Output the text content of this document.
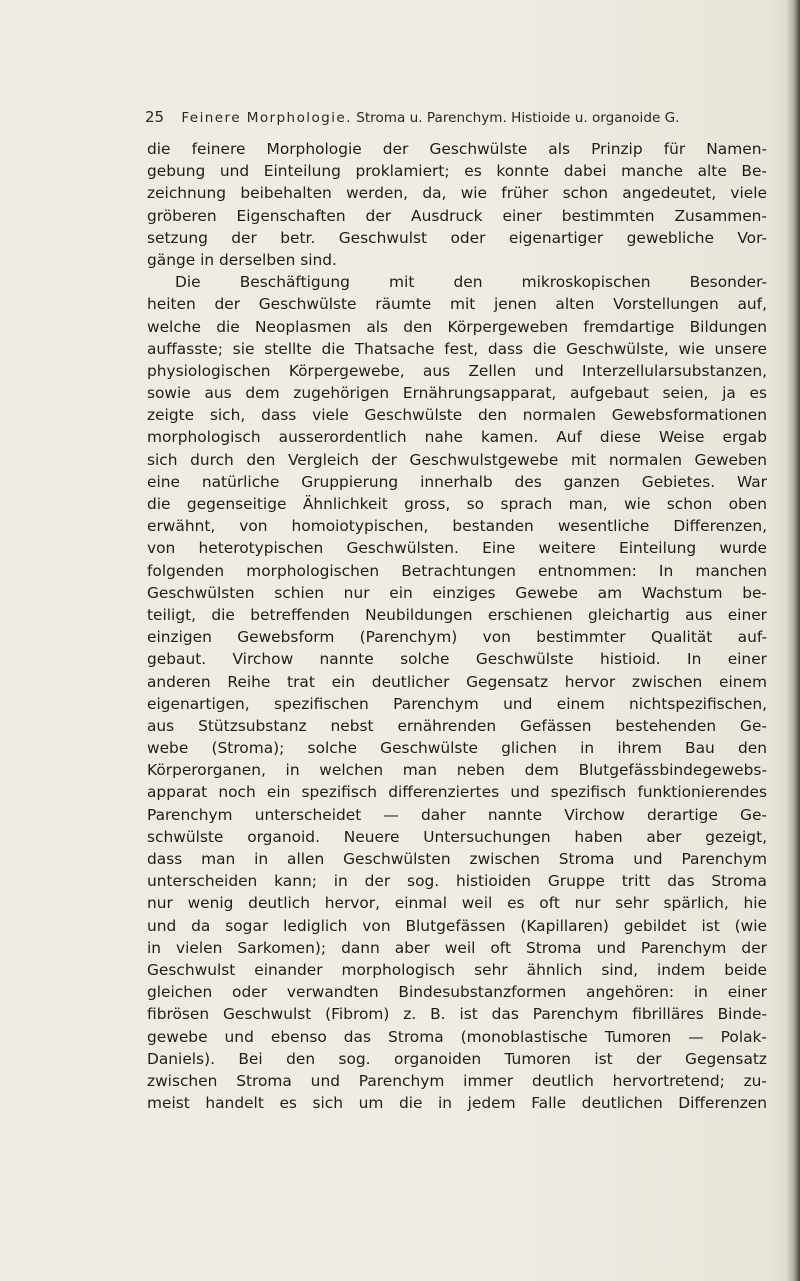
25 Feinere Morphologie. Stroma u. Parenchym. Histioide u. organoide G.
die feinere Morphologie der Geschwülste als Prinzip für Namen-
gebung und Einteilung proklamiert; es konnte dabei manche alte Be-
zeichnung beibehalten werden, da, wie früher schon angedeutet, viele
gröberen Eigenschaften der Ausdruck einer bestimmten Zusammen-
setzung der betr. Geschwulst oder eigenartiger gewebliche Vor-
gänge in derselben sind.
Die Beschäftigung mit den mikroskopischen Besonder-
heiten der Geschwülste räumte mit jenen alten Vorstellungen auf,
welche die Neoplasmen als den Körpergeweben fremdartige Bildungen
auffasste; sie stellte die Thatsache fest, dass die Geschwülste, wie unsere
physiologischen Körpergewebe, aus Zellen und Interzellularsubstanzen,
sowie aus dem zugehörigen Ernährungsapparat, aufgebaut seien, ja es
zeigte sich, dass viele Geschwülste den normalen Gewebsformationen
morphologisch ausserordentlich nahe kamen. Auf diese Weise ergab
sich durch den Vergleich der Geschwulstgewebe mit normalen Geweben
eine natürliche Gruppierung innerhalb des ganzen Gebietes. War
die gegenseitige Ähnlichkeit gross, so sprach man, wie schon oben
erwähnt, von homoiotypischen, bestanden wesentliche Differenzen,
von heterotypischen Geschwülsten. Eine weitere Einteilung wurde
folgenden morphologischen Betrachtungen entnommen: In manchen
Geschwülsten schien nur ein einziges Gewebe am Wachstum be-
teiligt, die betreffenden Neubildungen erschienen gleichartig aus einer
einzigen Gewebsform (Parenchym) von bestimmter Qualität auf-
gebaut. Virchow nannte solche Geschwülste histioid. In einer
anderen Reihe trat ein deutlicher Gegensatz hervor zwischen einem
eigenartigen, spezifischen Parenchym und einem nichtspezifischen,
aus Stützsubstanz nebst ernährenden Gefässen bestehenden Ge-
webe (Stroma); solche Geschwülste glichen in ihrem Bau den
Körperorganen, in welchen man neben dem Blutgefässbindegewebs-
apparat noch ein spezifisch differenziertes und spezifisch funktionierendes
Parenchym unterscheidet — daher nannte Virchow derartige Ge-
schwülste organoid. Neuere Untersuchungen haben aber gezeigt,
dass man in allen Geschwülsten zwischen Stroma und Parenchym
unterscheiden kann; in der sog. histioiden Gruppe tritt das Stroma
nur wenig deutlich hervor, einmal weil es oft nur sehr spärlich, hie
und da sogar lediglich von Blutgefässen (Kapillaren) gebildet ist (wie
in vielen Sarkomen); dann aber weil oft Stroma und Parenchym der
Geschwulst einander morphologisch sehr ähnlich sind, indem beide
gleichen oder verwandten Bindesubstanzformen angehören: in einer
fibrösen Geschwulst (Fibrom) z. B. ist das Parenchym fibrilläres Binde-
gewebe und ebenso das Stroma (monoblastische Tumoren — Polak-
Daniels). Bei den sog. organoiden Tumoren ist der Gegensatz
zwischen Stroma und Parenchym immer deutlich hervortretend; zu-
meist handelt es sich um die in jedem Falle deutlichen Differenzen
